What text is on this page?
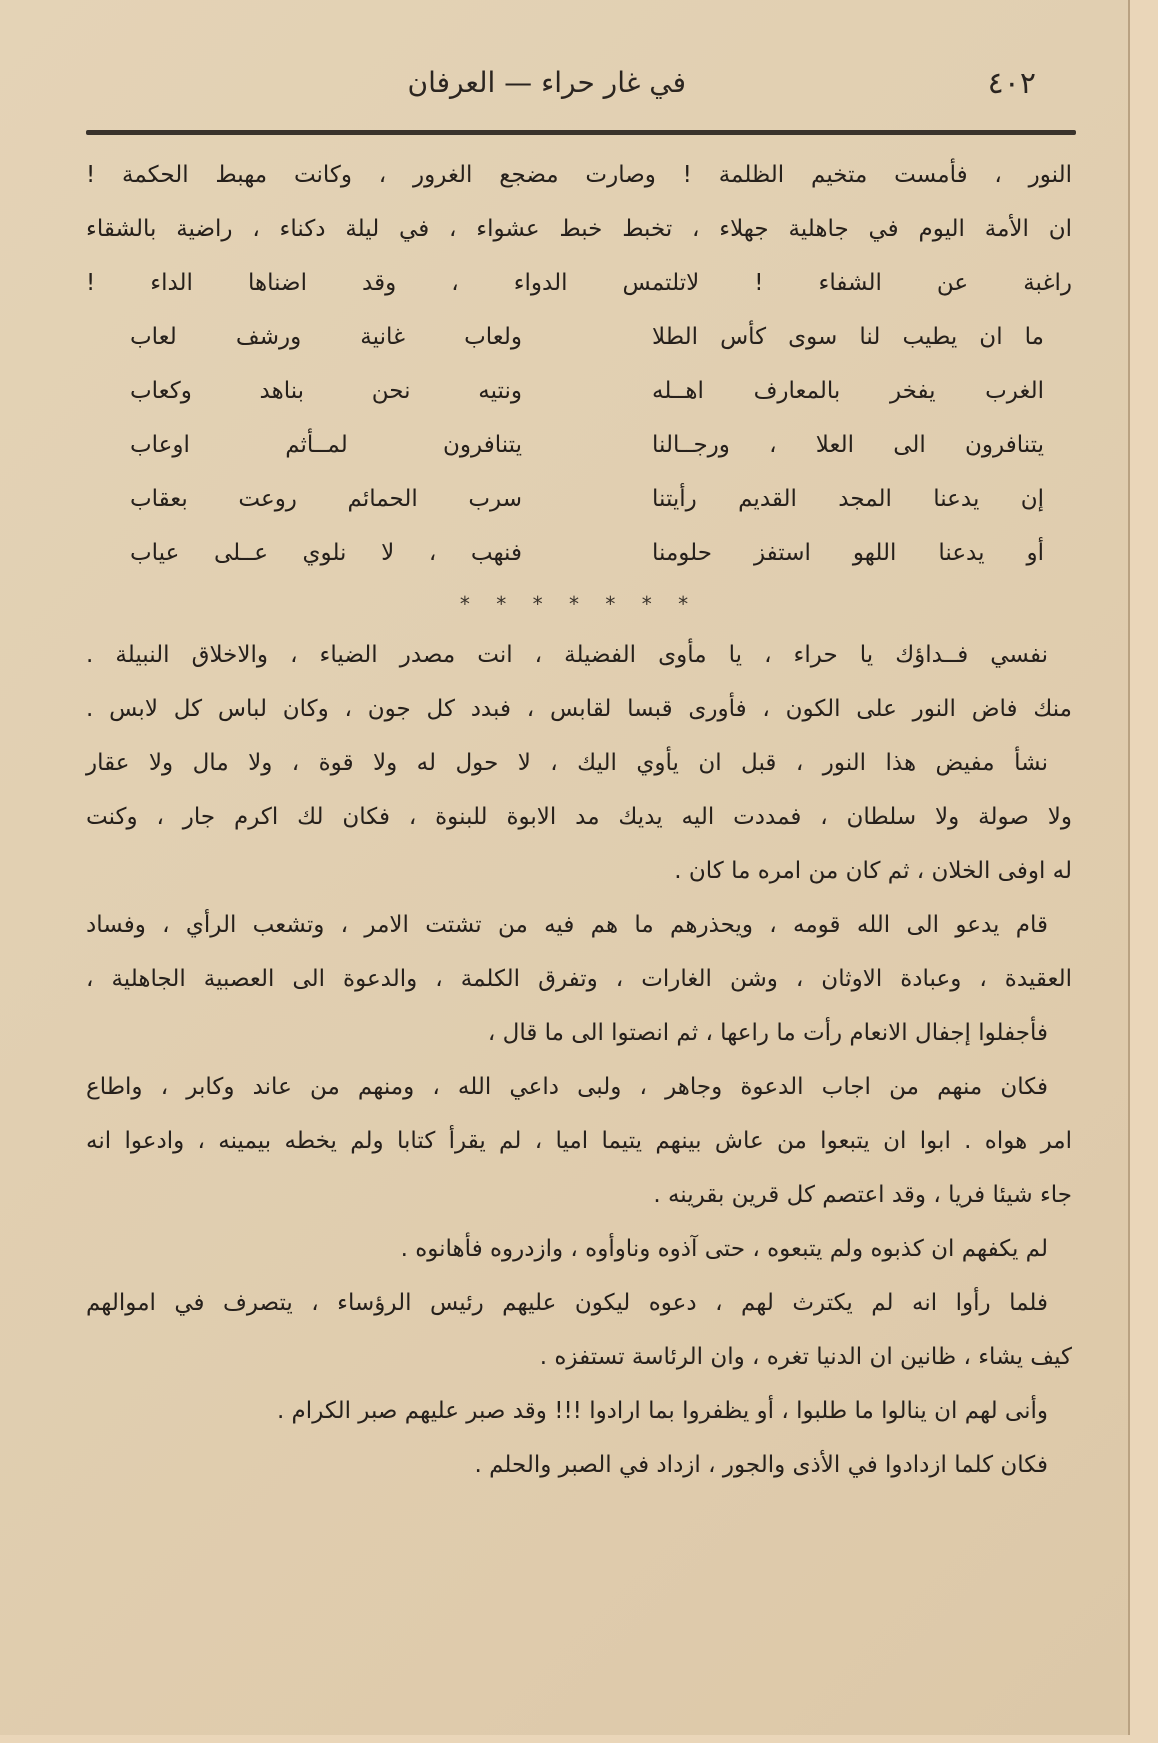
٤٠٢
في غار حراء — العرفان
النور ، فأمست متخيم الظلمة ! وصارت مضجع الغرور ، وكانت مهبط الحكمة !
ان الأمة اليوم في جاهلية جهلاء ، تخبط خبط عشواء ، في ليلة دكناء ، راضية بالشقاء
راغبة عن الشفاء ! لاتلتمس الدواء ، وقد اضناها الداء !
ما ان يطيب لنا سوى كأس الطلا
ولعاب غانية ورشف لعاب
الغرب يفخر بالمعارف اهــله
ونتيه نحن بناهد وكعاب
يتنافرون الى العلا ، ورجــالنا
يتنافرون لمــأثم اوعاب
إن يدعنا المجد القديم رأيتنا
سرب الحمائم روعت بعقاب
أو يدعنا اللهو استفز حلومنا
فنهب ، لا نلوي عــلى عياب
* * * * * * *
نفسي فــداؤك يا حراء ، يا مأوى الفضيلة ، انت مصدر الضياء ، والاخلاق النبيلة .
منك فاض النور على الكون ، فأورى قبسا لقابس ، فبدد كل جون ، وكان لباس كل لابس .
نشأ مفيض هذا النور ، قبل ان يأوي اليك ، لا حول له ولا قوة ، ولا مال ولا عقار
ولا صولة ولا سلطان ، فمددت اليه يديك مد الابوة للبنوة ، فكان لك اكرم جار ، وكنت
له اوفى الخلان ، ثم كان من امره ما كان .
قام يدعو الى الله قومه ، ويحذرهم ما هم فيه من تشتت الامر ، وتشعب الرأي ، وفساد
العقيدة ، وعبادة الاوثان ، وشن الغارات ، وتفرق الكلمة ، والدعوة الى العصبية الجاهلية ،
فأجفلوا إجفال الانعام رأت ما راعها ، ثم انصتوا الى ما قال ،
فكان منهم من اجاب الدعوة وجاهر ، ولبى داعي الله ، ومنهم من عاند وكابر ، واطاع
امر هواه . ابوا ان يتبعوا من عاش بينهم يتيما اميا ، لم يقرأ كتابا ولم يخطه بيمينه ، وادعوا انه
جاء شيئا فريا ، وقد اعتصم كل قرين بقرينه .
لم يكفهم ان كذبوه ولم يتبعوه ، حتى آذوه وناوأوه ، وازدروه فأهانوه .
فلما رأوا انه لم يكترث لهم ، دعوه ليكون عليهم رئيس الرؤساء ، يتصرف في اموالهم
كيف يشاء ، ظانين ان الدنيا تغره ، وان الرئاسة تستفزه .
وأنى لهم ان ينالوا ما طلبوا ، أو يظفروا بما ارادوا !!! وقد صبر عليهم صبر الكرام .
فكان كلما ازدادوا في الأذى والجور ، ازداد في الصبر والحلم .
